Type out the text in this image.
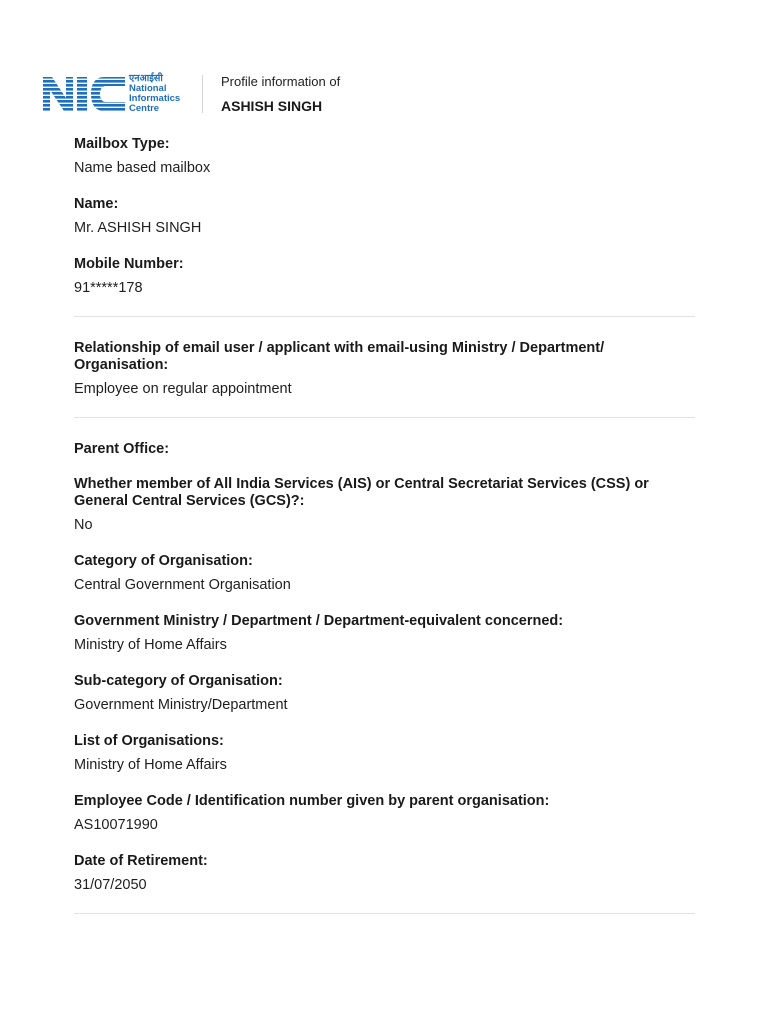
एनआईसी
National
Informatics
Centre
Profile information of
ASHISH SINGH
Mailbox Type:
Name based mailbox
Name:
Mr. ASHISH SINGH
Mobile Number:
91*****178
Relationship of email user / applicant with email-using Ministry / Department/ Organisation:
Employee on regular appointment
Parent Office:
Whether member of All India Services (AIS) or Central Secretariat Services (CSS) or General Central Services (GCS)?:
No
Category of Organisation:
Central Government Organisation
Government Ministry / Department / Department-equivalent concerned:
Ministry of Home Affairs
Sub-category of Organisation:
Government Ministry/Department
List of Organisations:
Ministry of Home Affairs
Employee Code / Identification number given by parent organisation:
AS10071990
Date of Retirement:
31/07/2050
